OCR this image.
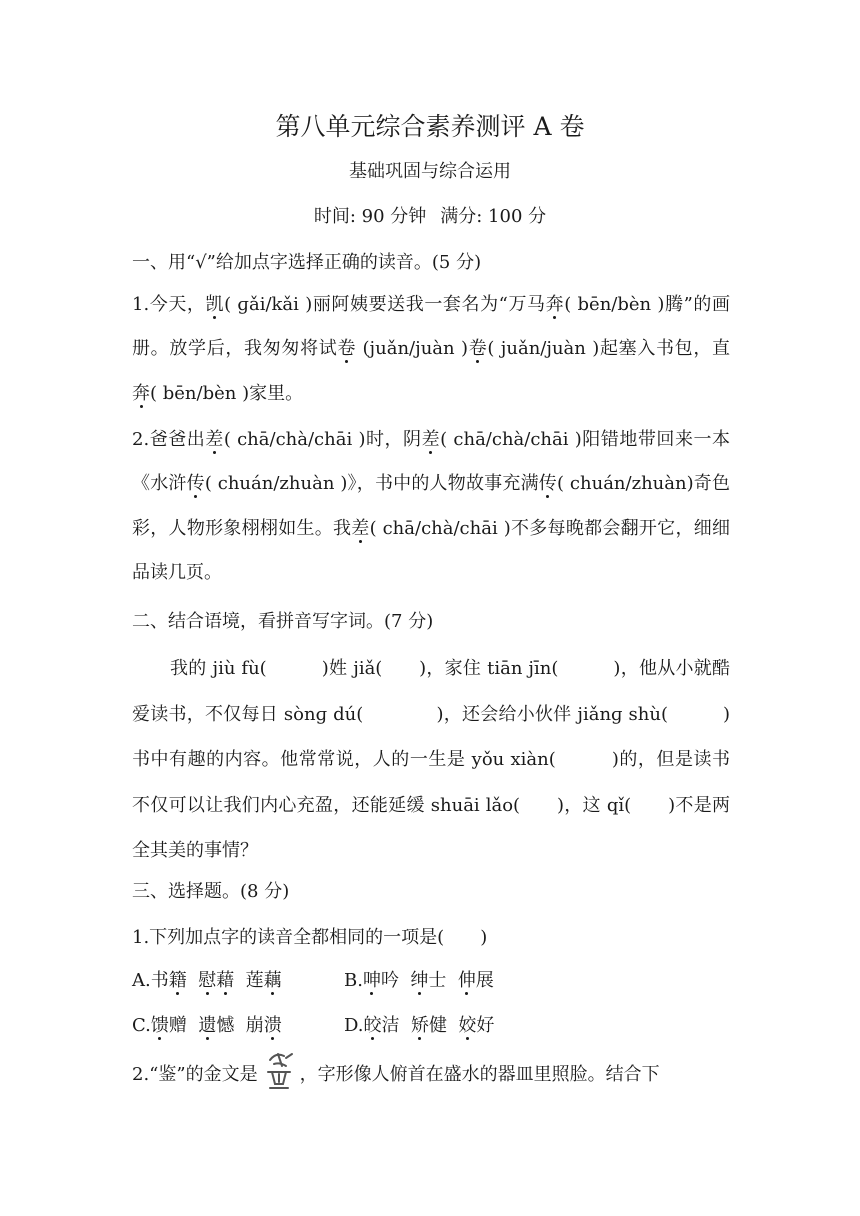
第八单元综合素养测评 A 卷
基础巩固与综合运用
时间: 90 分钟 满分: 100 分
一、用“√”给加点字选择正确的读音。(5 分)
1.今天，凯( ɡǎi/kǎi )丽阿姨要送我一套名为“万马奔( bēn/bèn )腾”的画册。放学后，我匆匆将试卷 (juǎn/juàn )卷( juǎn/juàn )起塞入书包，直奔( bēn/bèn )家里。
2.爸爸出差( chā/chà/chāi )时，阴差( chā/chà/chāi )阳错地带回来一本《水浒传( chuán/zhuàn )》，书中的人物故事充满传( chuán/zhuàn)奇色彩，人物形象栩栩如生。我差( chā/chà/chāi )不多每晚都会翻开它，细细品读几页。
二、结合语境，看拼音写字词。(7 分)
我的 jiù fù(　　　)姓 jiǎ(　　)，家住 tiān jīn(　　　)，他从小就酷爱读书，不仅每日 sònɡ dú(　　　　)，还会给小伙伴 jiǎnɡ shù(　　　)书中有趣的内容。他常常说，人的一生是 yǒu xiàn(　　　)的，但是读书不仅可以让我们内心充盈，还能延缓 shuāi lǎo(　　)，这 qǐ(　　)不是两全其美的事情？
三、选择题。(8 分)
1.下列加点字的读音全都相同的一项是(　　)
A.书籍 慰藉 莲藕	B.呻吟 绅士 伸展
C.馈赠 遗憾 崩溃	D.皎洁 矫健 姣好
2.“鉴”的金文是 ，字形像人俯首在盛水的器皿里照脸。结合下
